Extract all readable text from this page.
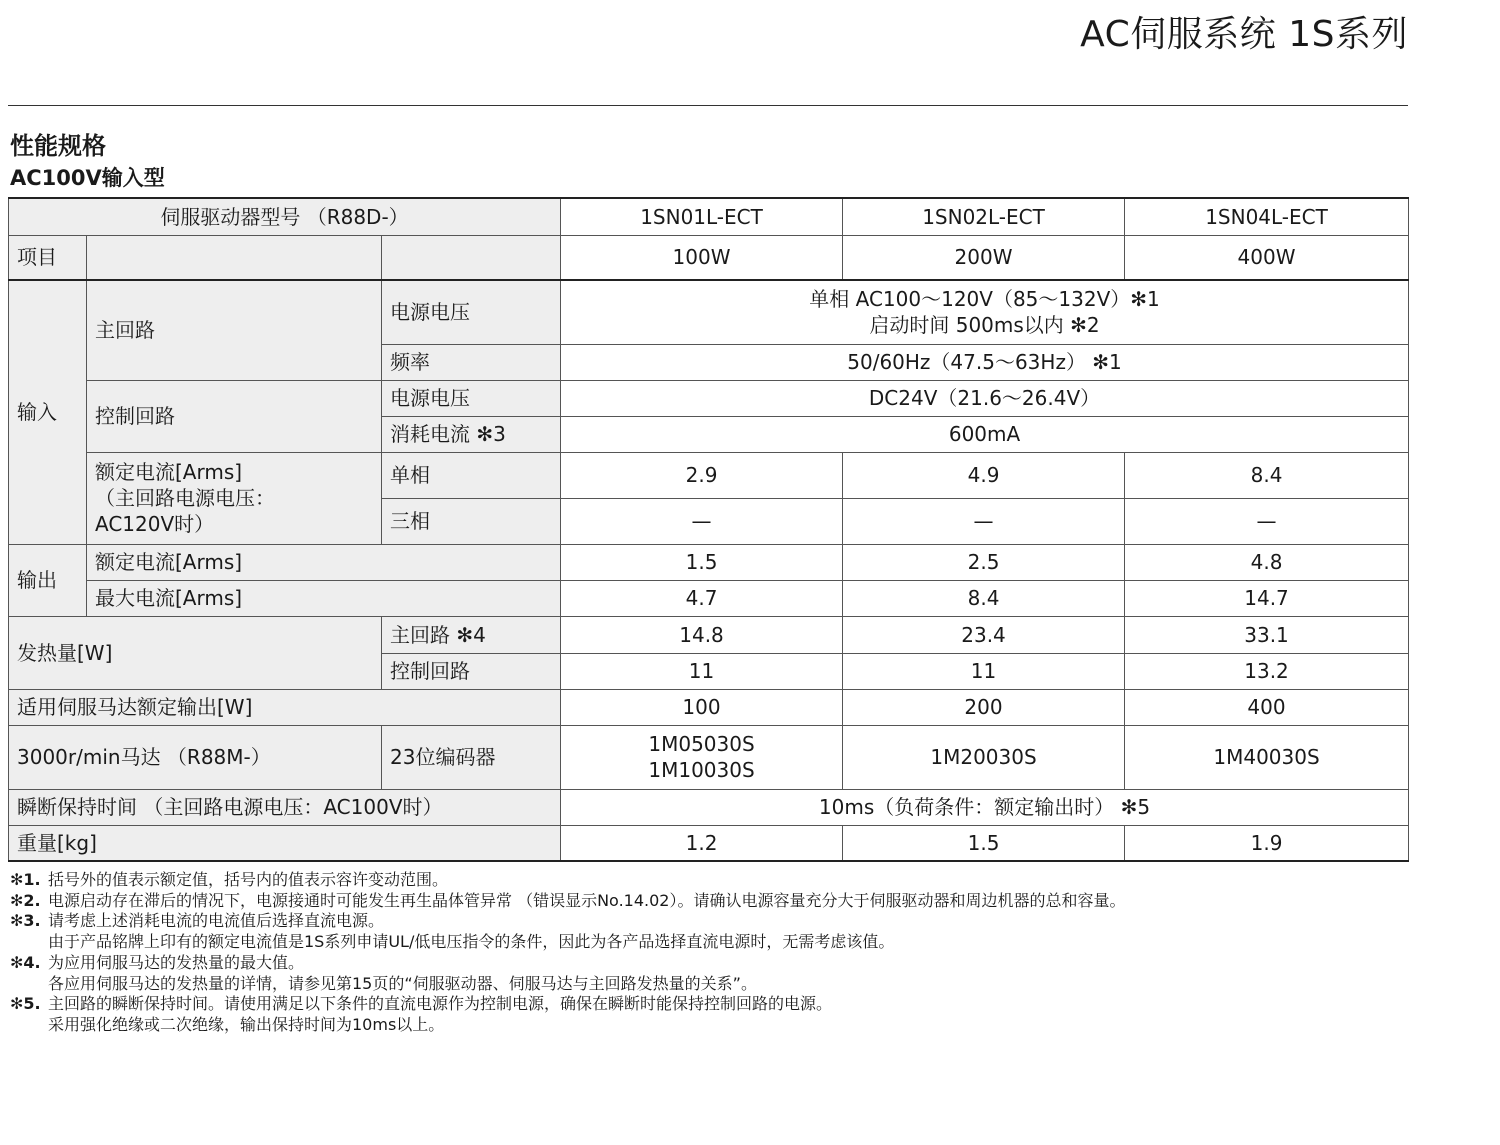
AC伺服系统 1S系列
性能规格
AC100V输入型
伺服驱动器型号 （R88D-）			1SN01L-ECT	1SN02L-ECT	1SN04L-ECT
项目			100W	200W	400W
输入	主回路	电源电压	单相 AC100～120V（85～132V）✻1
启动时间 500ms以内 ✻2		
		频率	50/60Hz（47.5～63Hz） ✻1		
	控制回路	电源电压	DC24V（21.6～26.4V）		
		消耗电流 ✻3	600mA		
	额定电流[Arms]
（主回路电源电压：
AC120V时）	单相	2.9	4.9	8.4
		三相	—	—	—
输出	额定电流[Arms]		1.5	2.5	4.8
	最大电流[Arms]		4.7	8.4	14.7
发热量[W]		主回路 ✻4	14.8	23.4	33.1
		控制回路	11	11	13.2
适用伺服马达额定输出[W]			100	200	400
3000r/min马达 （R88M-）		23位编码器	1M05030S
1M10030S	1M20030S	1M40030S
瞬断保持时间 （主回路电源电压：AC100V时）			10ms（负荷条件：额定输出时） ✻5		
重量[kg]			1.2	1.5	1.9
✻1. 括号外的值表示额定值，括号内的值表示容许变动范围。
✻2. 电源启动存在滞后的情况下，电源接通时可能发生再生晶体管异常 （错误显示No.14.02）。请确认电源容量充分大于伺服驱动器和周边机器的总和容量。
✻3. 请考虑上述消耗电流的电流值后选择直流电源。
由于产品铭牌上印有的额定电流值是1S系列申请UL/低电压指令的条件，因此为各产品选择直流电源时，无需考虑该值。
✻4. 为应用伺服马达的发热量的最大值。
各应用伺服马达的发热量的详情，请参见第15页的“伺服驱动器、伺服马达与主回路发热量的关系”。
✻5. 主回路的瞬断保持时间。请使用满足以下条件的直流电源作为控制电源，确保在瞬断时能保持控制回路的电源。
采用强化绝缘或二次绝缘，输出保持时间为10ms以上。
